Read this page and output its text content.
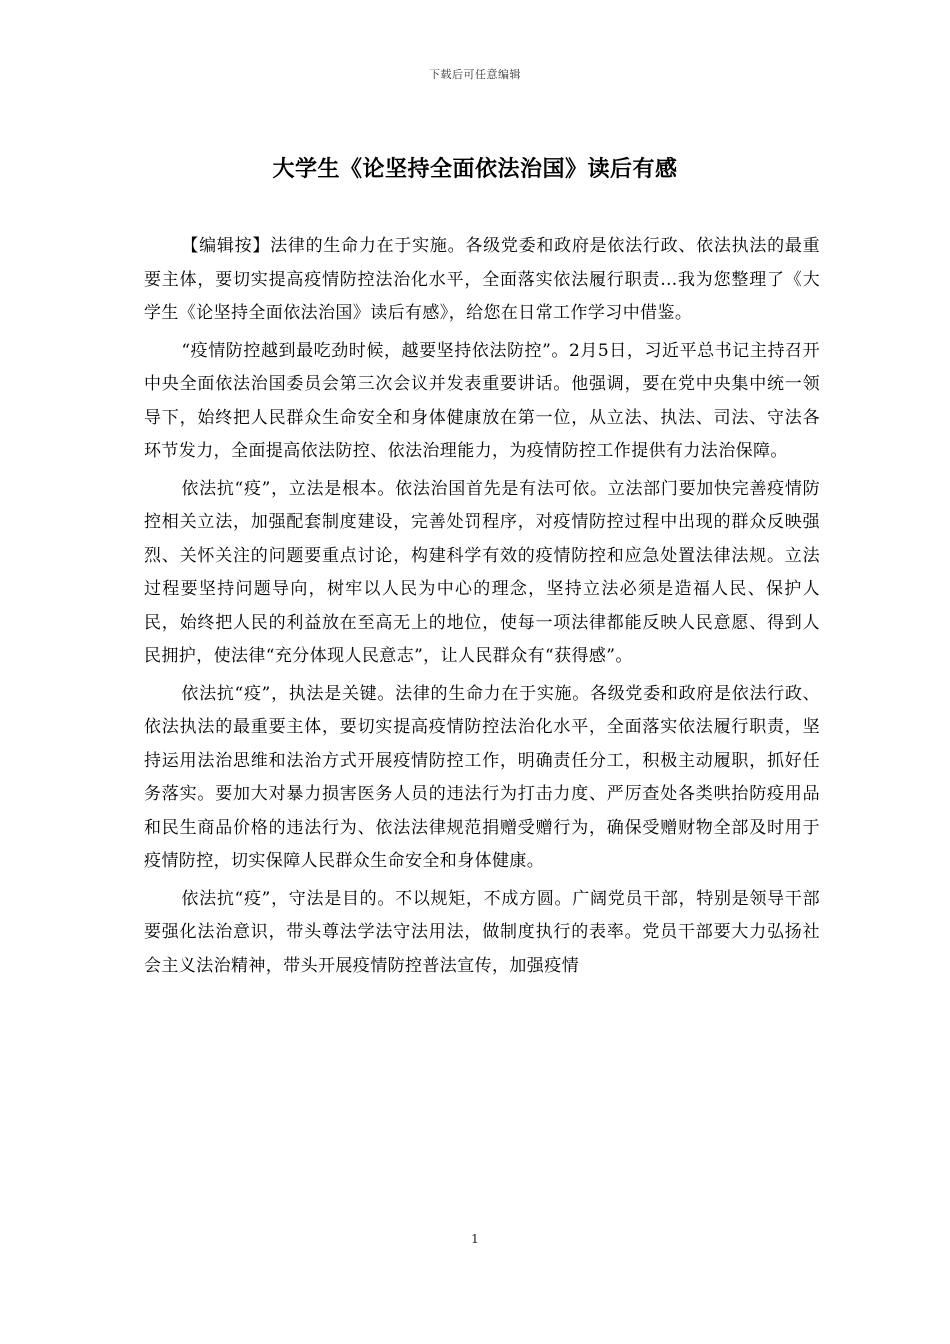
下载后可任意编辑
大学生《论坚持全面依法治国》读后有感

【编辑按】法律的生命力在于实施。各级党委和政府是依法行政、依法执法的最重要主体，要切实提高疫情防控法治化水平，全面落实依法履行职责…我为您整理了《大学生《论坚持全面依法治国》读后有感》，给您在日常工作学习中借鉴。

“疫情防控越到最吃劲时候，越要坚持依法防控”。2月5日，习近平总书记主持召开中央全面依法治国委员会第三次会议并发表重要讲话。他强调，要在党中央集中统一领导下，始终把人民群众生命安全和身体健康放在第一位，从立法、执法、司法、守法各环节发力，全面提高依法防控、依法治理能力，为疫情防控工作提供有力法治保障。

依法抗“疫”，立法是根本。依法治国首先是有法可依。立法部门要加快完善疫情防控相关立法，加强配套制度建设，完善处罚程序，对疫情防控过程中出现的群众反映强烈、关怀关注的问题要重点讨论，构建科学有效的疫情防控和应急处置法律法规。立法过程要坚持问题导向，树牢以人民为中心的理念，坚持立法必须是造福人民、保护人民，始终把人民的利益放在至高无上的地位，使每一项法律都能反映人民意愿、得到人民拥护，使法律“充分体现人民意志”，让人民群众有“获得感”。

依法抗“疫”，执法是关键。法律的生命力在于实施。各级党委和政府是依法行政、依法执法的最重要主体，要切实提高疫情防控法治化水平，全面落实依法履行职责，坚持运用法治思维和法治方式开展疫情防控工作，明确责任分工，积极主动履职，抓好任务落实。要加大对暴力损害医务人员的违法行为打击力度、严厉查处各类哄抬防疫用品和民生商品价格的违法行为、依法法律规范捐赠受赠行为，确保受赠财物全部及时用于疫情防控，切实保障人民群众生命安全和身体健康。

依法抗“疫”，守法是目的。不以规矩，不成方圆。广阔党员干部，特别是领导干部要强化法治意识，带头尊法学法守法用法，做制度执行的表率。党员干部要大力弘扬社会主义法治精神，带头开展疫情防控普法宣传，加强疫情

1
